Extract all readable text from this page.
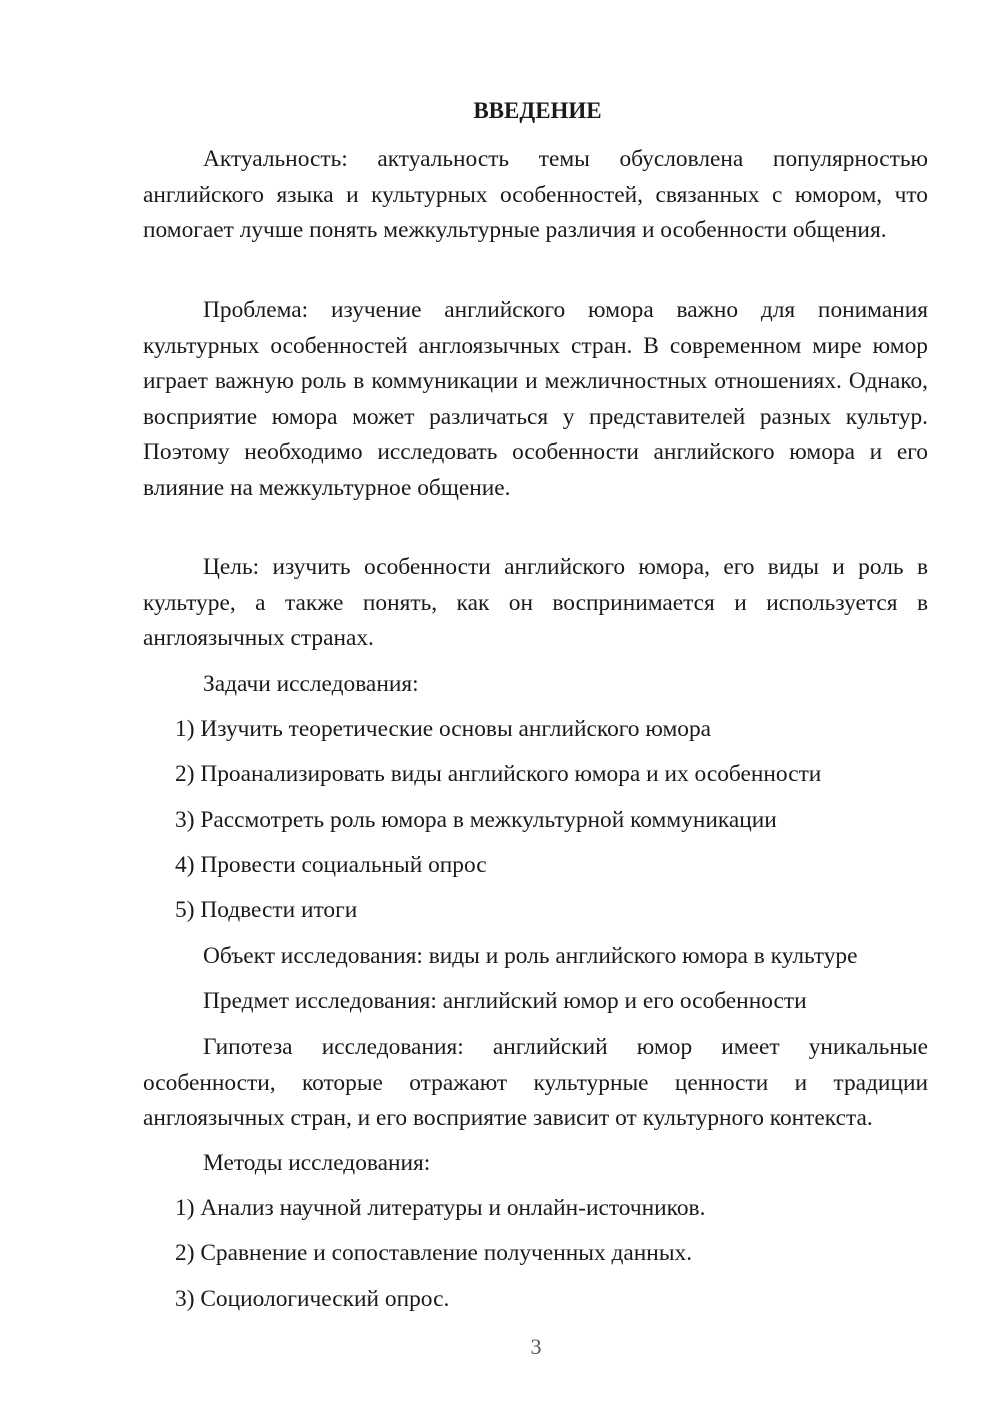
ВВЕДЕНИЕ

Актуальность: актуальность темы обусловлена популярностью английского языка и культурных особенностей, связанных с юмором, что помогает лучше понять межкультурные различия и особенности общения.

Проблема: изучение английского юмора важно для понимания культурных особенностей англоязычных стран. В современном мире юмор играет важную роль в коммуникации и межличностных отношениях. Однако, восприятие юмора может различаться у представителей разных культур. Поэтому необходимо исследовать особенности английского юмора и его влияние на межкультурное общение.

Цель: изучить особенности английского юмора, его виды и роль в культуре, а также понять, как он воспринимается и используется в англоязычных странах.

Задачи исследования:

1) Изучить теоретические основы английского юмора

2) Проанализировать виды английского юмора и их особенности

3) Рассмотреть роль юмора в межкультурной коммуникации

4) Провести социальный опрос

5) Подвести итоги

Объект исследования: виды и роль английского юмора в культуре

Предмет исследования: английский юмор и его особенности

Гипотеза исследования: английский юмор имеет уникальные особенности, которые отражают культурные ценности и традиции англоязычных стран, и его восприятие зависит от культурного контекста.

Методы исследования:

1) Анализ научной литературы и онлайн-источников.

2) Сравнение и сопоставление полученных данных.

3) Социологический опрос.

3
